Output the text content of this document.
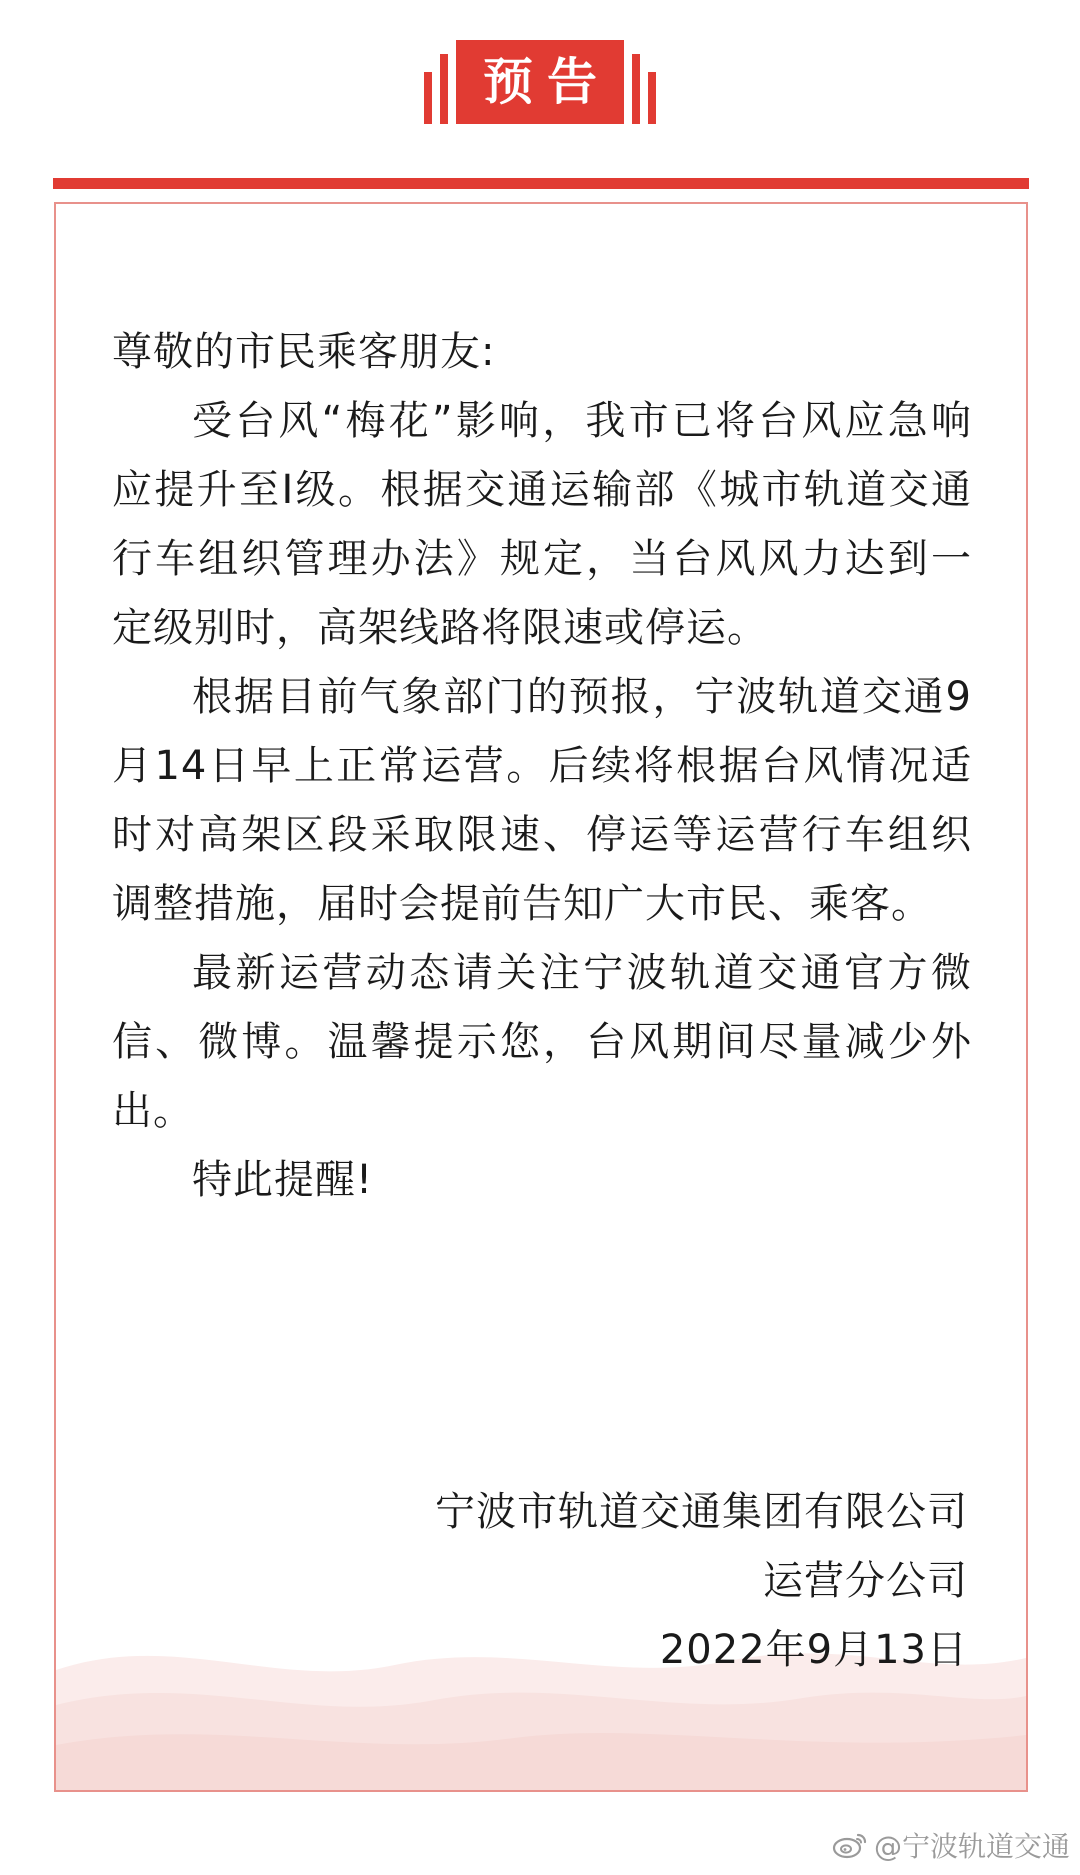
预告

尊敬的市民乘客朋友:

受台风“梅花”影响，我市已将台风应急响应提升至I级。根据交通运输部《城市轨道交通行车组织管理办法》规定，当台风风力达到一定级别时，高架线路将限速或停运。

根据目前气象部门的预报，宁波轨道交通9月14日早上正常运营。后续将根据台风情况适时对高架区段采取限速、停运等运营行车组织调整措施，届时会提前告知广大市民、乘客。

最新运营动态请关注宁波轨道交通官方微信、微博。温馨提示您，台风期间尽量减少外出。

特此提醒!

宁波市轨道交通集团有限公司
运营分公司
2022年9月13日
@宁波轨道交通
